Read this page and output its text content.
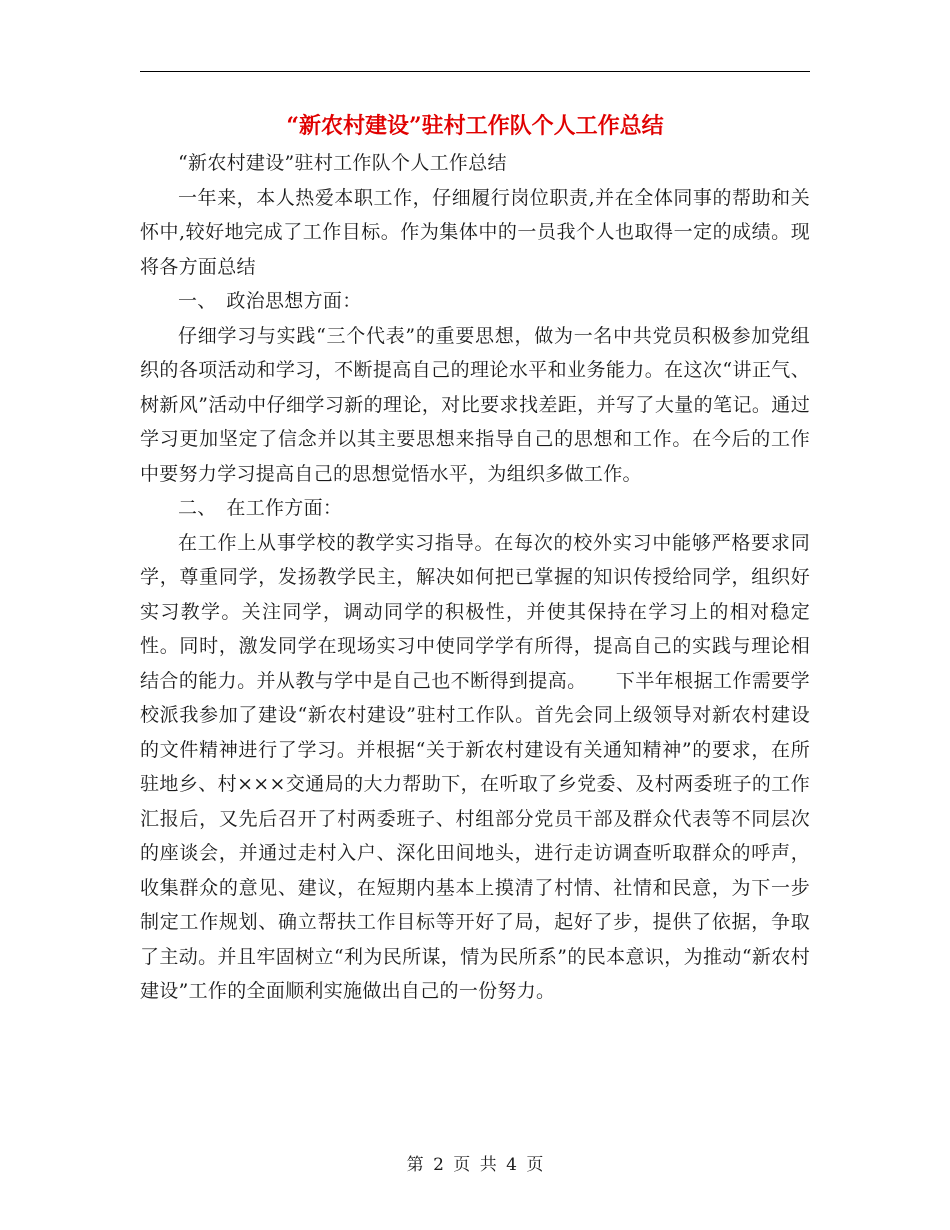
“新农村建设”驻村工作队个人工作总结

“新农村建设”驻村工作队个人工作总结

一年来，本人热爱本职工作，仔细履行岗位职责,并在全体同事的帮助和关怀中,较好地完成了工作目标。作为集体中的一员我个人也取得一定的成绩。现将各方面总结

一、　政治思想方面：

仔细学习与实践“三个代表”的重要思想，做为一名中共党员积极参加党组织的各项活动和学习，不断提高自己的理论水平和业务能力。在这次“讲正气、树新风”活动中仔细学习新的理论，对比要求找差距，并写了大量的笔记。通过学习更加坚定了信念并以其主要思想来指导自己的思想和工作。在今后的工作中要努力学习提高自己的思想觉悟水平，为组织多做工作。

二、　在工作方面：

在工作上从事学校的教学实习指导。在每次的校外实习中能够严格要求同学，尊重同学，发扬教学民主，解决如何把已掌握的知识传授给同学，组织好实习教学。关注同学，调动同学的积极性，并使其保持在学习上的相对稳定性。同时，激发同学在现场实习中使同学学有所得，提高自己的实践与理论相结合的能力。并从教与学中是自己也不断得到提高。　　下半年根据工作需要学校派我参加了建设“新农村建设”驻村工作队。首先会同上级领导对新农村建设的文件精神进行了学习。并根据“关于新农村建设有关通知精神”的要求，在所驻地乡、村×××交通局的大力帮助下，在听取了乡党委、及村两委班子的工作汇报后，又先后召开了村两委班子、村组部分党员干部及群众代表等不同层次的座谈会，并通过走村入户、深化田间地头，进行走访调查听取群众的呼声，收集群众的意见、建议，在短期内基本上摸清了村情、社情和民意，为下一步制定工作规划、确立帮扶工作目标等开好了局，起好了步，提供了依据，争取了主动。并且牢固树立“利为民所谋，情为民所系”的民本意识，为推动“新农村建设”工作的全面顺利实施做出自己的一份努力。

第 2 页 共 4 页
